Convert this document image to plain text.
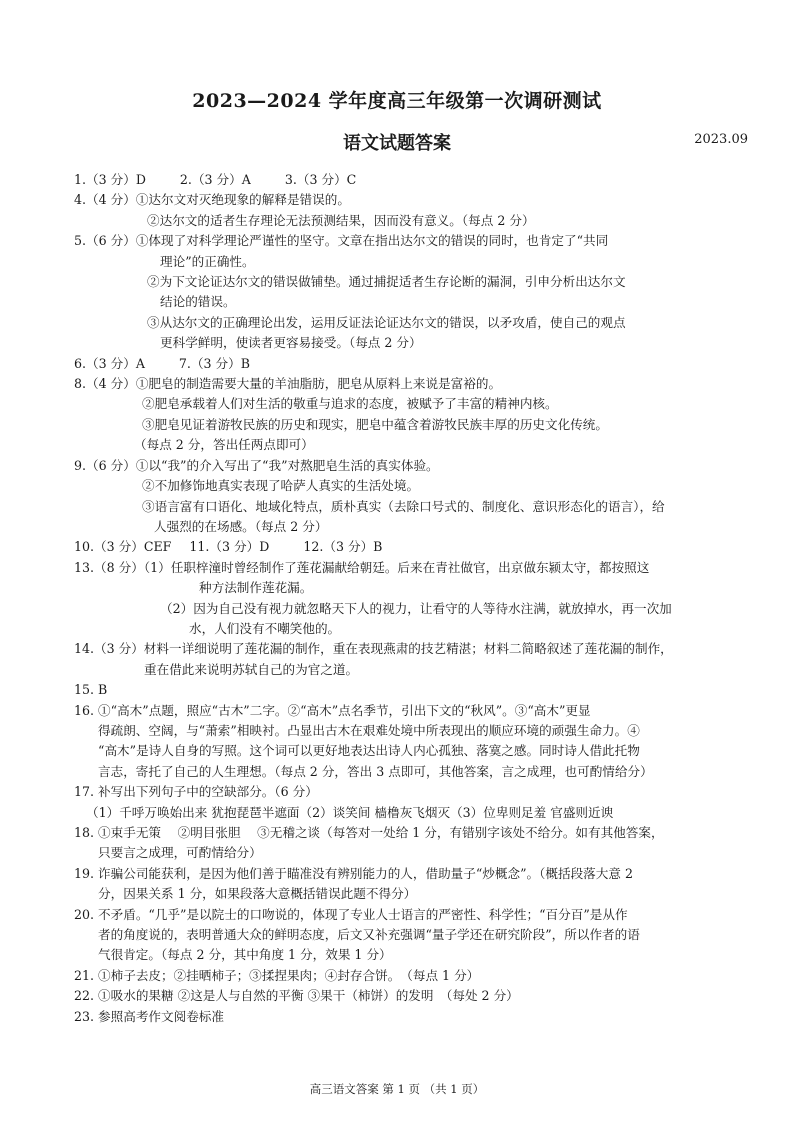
2023—2024 学年度高三年级第一次调研测试
语文试题答案	2023.09
1.（3 分）D	2.（3 分）A	3.（3 分）C
4.（4 分）①达尔文对灭绝现象的解释是错误的。
②达尔文的适者生存理论无法预测结果，因而没有意义。（每点 2 分）
5.（6 分）①体现了对科学理论严谨性的坚守。文章在指出达尔文的错误的同时，也肯定了“共同
理论”的正确性。
②为下文论证达尔文的错误做铺垫。通过捕捉适者生存论断的漏洞，引申分析出达尔文
结论的错误。
③从达尔文的正确理论出发，运用反证法论证达尔文的错误，以矛攻盾，使自己的观点
更科学鲜明，使读者更容易接受。（每点 2 分）
6.（3 分）A	7.（3 分）B
8.（4 分）①肥皂的制造需要大量的羊油脂肪，肥皂从原料上来说是富裕的。
②肥皂承载着人们对生活的敬重与追求的态度，被赋予了丰富的精神内核。
③肥皂见证着游牧民族的历史和现实，肥皂中蕴含着游牧民族丰厚的历史文化传统。
（每点 2 分，答出任两点即可）
9.（6 分）①以“我”的介入写出了“我”对熬肥皂生活的真实体验。
②不加修饰地真实表现了哈萨人真实的生活处境。
③语言富有口语化、地域化特点，质朴真实（去除口号式的、制度化、意识形态化的语言），给
人强烈的在场感。（每点 2 分）
10.（3 分）CEF 11.（3 分）D	12.（3 分）B
13.（8 分）（1）任职梓潼时曾经制作了莲花漏献给朝廷。后来在青社做官，出京做东颍太守，都按照这
种方法制作莲花漏。
（2）因为自己没有视力就忽略天下人的视力，让看守的人等待水注满，就放掉水，再一次加
水，人们没有不嘲笑他的。
14.（3 分）材料一详细说明了莲花漏的制作，重在表现燕肃的技艺精湛；材料二简略叙述了莲花漏的制作，
重在借此来说明苏轼自己的为官之道。
15. B
16. ①“高木”点题，照应“古木”二字。②“高木”点名季节，引出下文的“秋风”。③“高木”更显
得疏朗、空阔，与“萧索”相映衬。凸显出古木在艰难处境中所表现出的顺应环境的顽强生命力。④
“高木”是诗人自身的写照。这个词可以更好地表达出诗人内心孤独、落寞之感。同时诗人借此托物
言志，寄托了自己的人生理想。（每点 2 分，答出 3 点即可，其他答案，言之成理，也可酌情给分）
17. 补写出下列句子中的空缺部分。（6 分）
（1）千呼万唤始出来 犹抱琵琶半遮面（2）谈笑间 樯橹灰飞烟灭（3）位卑则足羞 官盛则近谀
18. ①束手无策　 ②明目张胆　 ③无稽之谈（每答对一处给 1 分，有错别字该处不给分。如有其他答案，
只要言之成理，可酌情给分）
19. 诈骗公司能获利，是因为他们善于瞄准没有辨别能力的人，借助量子“炒概念”。（概括段落大意 2
分，因果关系 1 分，如果段落大意概括错误此题不得分）
20. 不矛盾。“几乎”是以院士的口吻说的，体现了专业人士语言的严密性、科学性；“百分百”是从作
者的角度说的，表明普通大众的鲜明态度，后文又补充强调“量子学还在研究阶段”，所以作者的语
气很肯定。（每点 2 分，其中角度 1 分，效果 1 分）
21. ①柿子去皮；②挂晒柿子；③揉捏果肉；④封存合饼。　（每点 1 分）
22. ①吸水的果糖 ②这是人与自然的平衡 ③果干（柿饼）的发明　（每处 2 分）
23. 参照高考作文阅卷标准
高三语文答案 第 1 页 （共 1 页）
